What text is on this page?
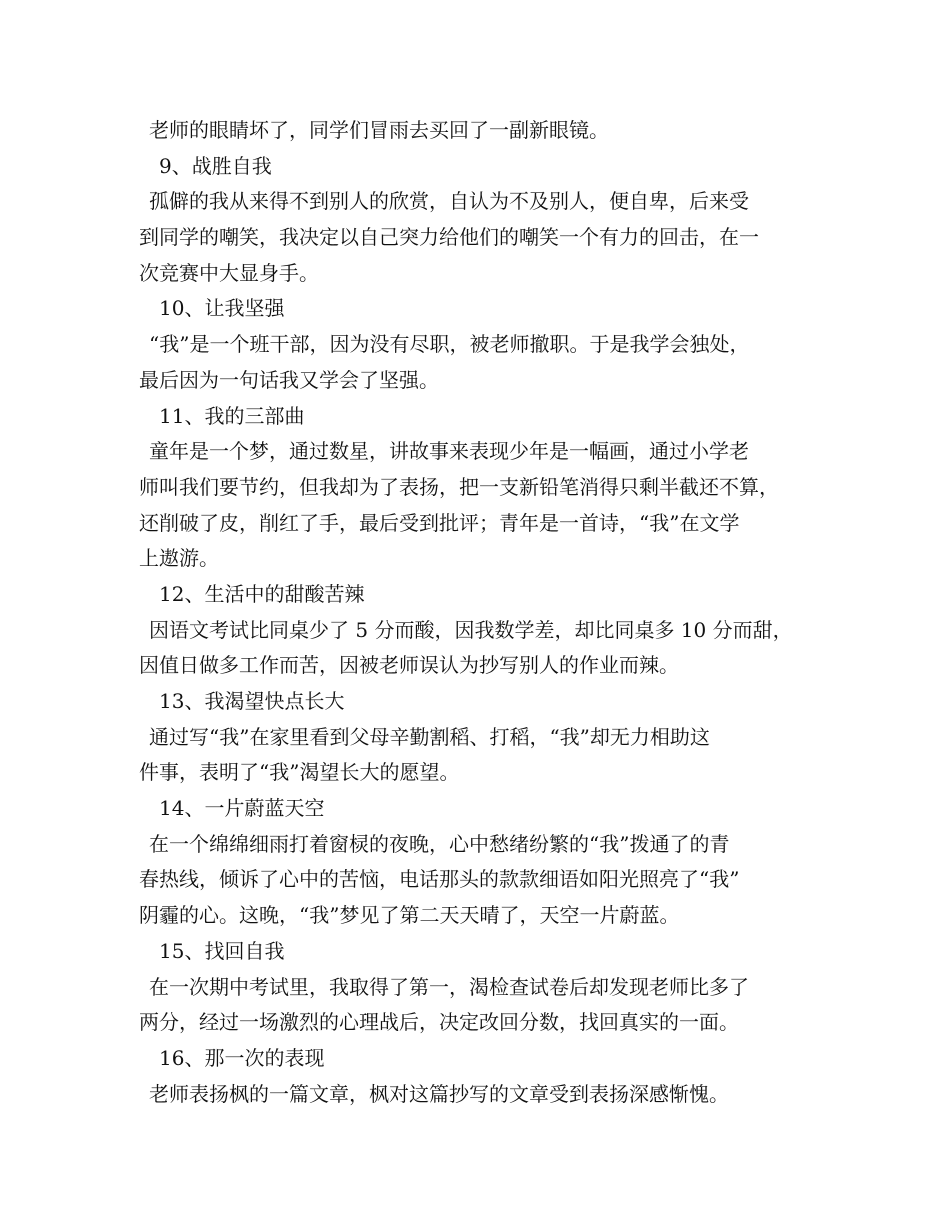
老师的眼睛坏了，同学们冒雨去买回了一副新眼镜。
9、战胜自我
孤僻的我从来得不到别人的欣赏，自认为不及别人，便自卑，后来受
到同学的嘲笑，我决定以自己突力给他们的嘲笑一个有力的回击，在一
次竞赛中大显身手。
10、让我坚强
“我”是一个班干部，因为没有尽职，被老师撤职。于是我学会独处，
最后因为一句话我又学会了坚强。
11、我的三部曲
童年是一个梦，通过数星，讲故事来表现少年是一幅画，通过小学老
师叫我们要节约，但我却为了表扬，把一支新铅笔消得只剩半截还不算，
还削破了皮，削红了手，最后受到批评；青年是一首诗，“我”在文学
上遨游。
12、生活中的甜酸苦辣
因语文考试比同桌少了 5 分而酸，因我数学差，却比同桌多 10 分而甜，
因值日做多工作而苦，因被老师误认为抄写别人的作业而辣。
13、我渴望快点长大
通过写“我”在家里看到父母辛勤割稻、打稻，“我”却无力相助这
件事，表明了“我”渴望长大的愿望。
14、一片蔚蓝天空
在一个绵绵细雨打着窗棂的夜晚，心中愁绪纷繁的“我”拨通了的青
春热线，倾诉了心中的苦恼，电话那头的款款细语如阳光照亮了“我”
阴霾的心。这晚，“我”梦见了第二天天晴了，天空一片蔚蓝。
15、找回自我
在一次期中考试里，我取得了第一，渴检查试卷后却发现老师比多了
两分，经过一场激烈的心理战后，决定改回分数，找回真实的一面。
16、那一次的表现
老师表扬枫的一篇文章，枫对这篇抄写的文章受到表扬深感惭愧。
